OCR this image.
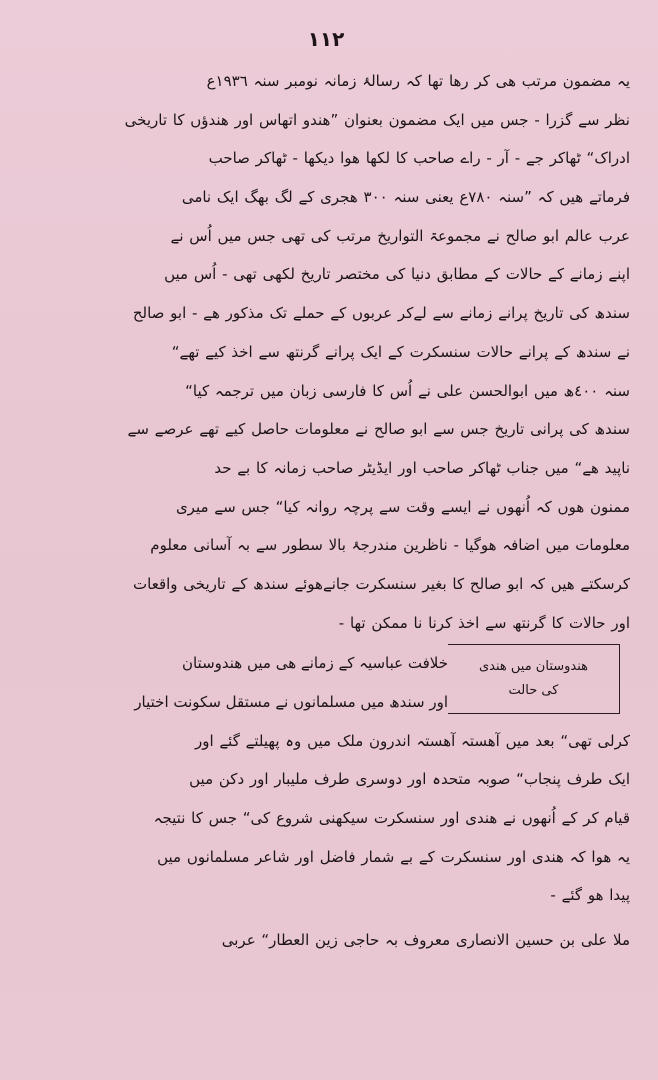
١١٢
یہ مضمون مرتب ھی کر رھا تھا کہ رسالۂ زمانہ نومبر سنہ ١٩٣٦ع
نظر سے گزرا - جس میں ایک مضمون بعنوان ”ھندو اتھاس اور ھندؤں کا تاریخی
ادراک“ ٹھاکر جے - آر - راے صاحب کا لکھا ھوا دیکھا - ٹھاکر صاحب
فرماتے ھیں کہ ”سنہ ٧٨٠ع یعنی سنہ ٣٠٠ ھجری کے لگ بھگ ایک نامی
عرب عالم ابو صالح نے مجموعۃ التواریخ مرتب کی تھی جس میں اُس نے
اپنے زمانے کے حالات کے مطابق دنیا کی مختصر تاریخ لکھی تھی - اُس میں
سندھ کی تاریخ پرانے زمانے سے لےکر عربوں کے حملے تک مذکور ھے - ابو صالح
نے سندھ کے پرانے حالات سنسکرت کے ایک پرانے گرنتھ سے اخذ کیے تھے“
سنہ ٤٠٠ھ میں ابوالحسن علی نے اُس کا فارسی زبان میں ترجمہ کیا“
سندھ کی پرانی تاریخ جس سے ابو صالح نے معلومات حاصل کیے تھے عرصے سے
ناپید ھے“ میں جناب ٹھاکر صاحب اور ایڈیٹر صاحب زمانہ کا بے حد
ممنون ھوں کہ اُنھوں نے ایسے وقت سے پرچہ روانہ کیا“ جس سے میری
معلومات میں اضافہ ھوگیا - ناظرین مندرجۂ بالا سطور سے بہ آسانی معلوم
کرسکتے ھیں کہ ابو صالح کا بغیر سنسکرت جانےھوئے سندھ کے تاریخی واقعات
اور حالات کا گرنتھ سے اخذ کرنا نا ممکن تھا -
ھندوستان میں ھندی
کی حالت
خلافت عباسیہ کے زمانے ھی میں ھندوستان
اور سندھ میں مسلمانوں نے مستقل سکونت اختیار
کرلی تھی“ بعد میں آھستہ آھستہ اندرون ملک میں وہ پھیلتے گئے اور
ایک طرف پنجاب“ صوبہ متحدہ اور دوسری طرف ملیبار اور دکن میں
قیام کر کے اُنھوں نے ھندی اور سنسکرت سیکھنی شروع کی“ جس کا نتیجہ
یہ ھوا کہ ھندی اور سنسکرت کے بے شمار فاضل اور شاعر مسلمانوں میں
پیدا ھو گئے -
ملا علی بن حسین الانصاری معروف بہ حاجی زین العطار“ عربی
